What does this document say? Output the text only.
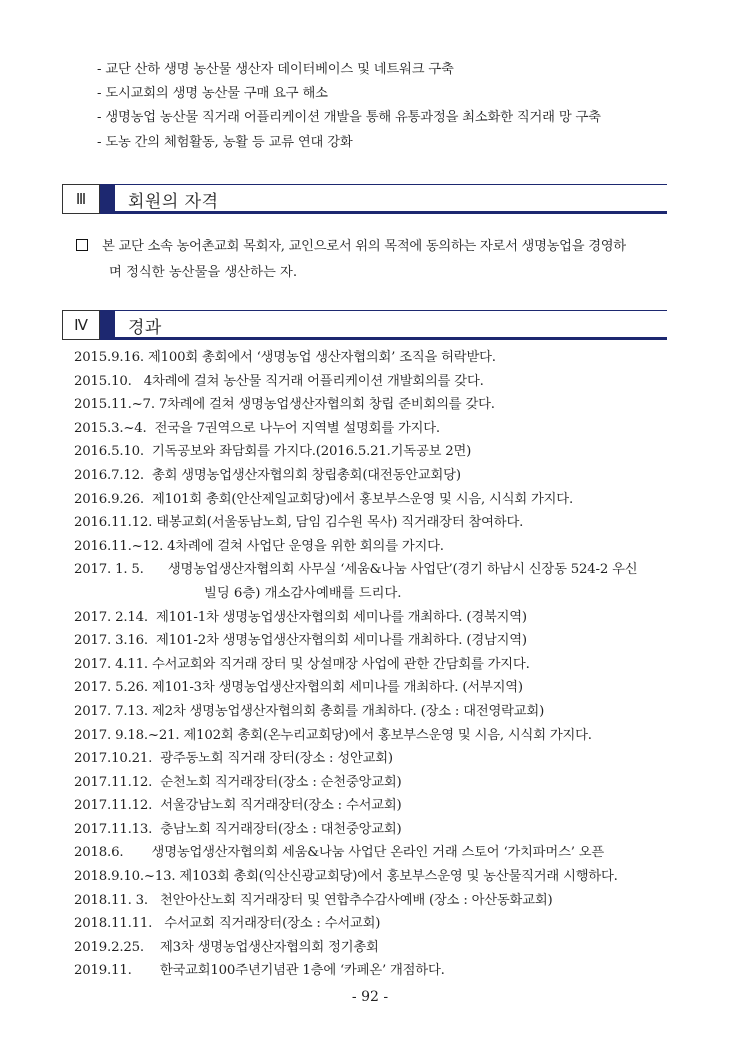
- 교단 산하 생명 농산물 생산자 데이터베이스 및 네트워크 구축
- 도시교회의 생명 농산물 구매 요구 해소
- 생명농업 농산물 직거래 어플리케이션 개발을 통해 유통과정을 최소화한 직거래 망 구축
- 도농 간의 체험활동, 농활 등 교류 연대 강화
Ⅲ	회원의 자격
본 교단 소속 농어촌교회 목회자, 교인으로서 위의 목적에 동의하는 자로서 생명농업을 경영하
며 정식한 농산물을 생산하는 자.
Ⅳ	경과
2015.9.16. 제100회 총회에서 ‘생명농업 생산자협의회’ 조직을 허락받다.
2015.10. 4차례에 걸쳐 농산물 직거래 어플리케이션 개발회의를 갖다.
2015.11.~7. 7차례에 걸쳐 생명농업생산자협의회 창립 준비회의를 갖다.
2015.3.~4. 전국을 7권역으로 나누어 지역별 설명회를 가지다.
2016.5.10. 기독공보와 좌담회를 가지다.(2016.5.21.기독공보 2면)
2016.7.12. 총회 생명농업생산자협의회 창립총회(대전동안교회당)
2016.9.26. 제101회 총회(안산제일교회당)에서 홍보부스운영 및 시음, 시식회 가지다.
2016.11.12. 태봉교회(서울동남노회, 담임 김수원 목사) 직거래장터 참여하다.
2016.11.~12. 4차례에 걸쳐 사업단 운영을 위한 회의를 가지다.
2017. 1. 5. 생명농업생산자협의회 사무실 ‘세움&나눔 사업단’(경기 하남시 신장동 524-2 우신
빌딩 6층) 개소감사예배를 드리다.
2017. 2.14. 제101-1차 생명농업생산자협의회 세미나를 개최하다. (경북지역)
2017. 3.16. 제101-2차 생명농업생산자협의회 세미나를 개최하다. (경남지역)
2017. 4.11. 수서교회와 직거래 장터 및 상설매장 사업에 관한 간담회를 가지다.
2017. 5.26. 제101-3차 생명농업생산자협의회 세미나를 개최하다. (서부지역)
2017. 7.13. 제2차 생명농업생산자협의회 총회를 개최하다. (장소 : 대전영락교회)
2017. 9.18.~21. 제102회 총회(온누리교회당)에서 홍보부스운영 및 시음, 시식회 가지다.
2017.10.21. 광주동노회 직거래 장터(장소 : 성안교회)
2017.11.12. 순천노회 직거래장터(장소 : 순천중앙교회)
2017.11.12. 서울강남노회 직거래장터(장소 : 수서교회)
2017.11.13. 충남노회 직거래장터(장소 : 대천중앙교회)
2018.6. 생명농업생산자협의회 세움&나눔 사업단 온라인 거래 스토어 ‘가치파머스’ 오픈
2018.9.10.~13. 제103회 총회(익산신광교회당)에서 홍보부스운영 및 농산물직거래 시행하다.
2018.11. 3. 천안아산노회 직거래장터 및 연합추수감사예배 (장소 : 아산동화교회)
2018.11.11. 수서교회 직거래장터(장소 : 수서교회)
2019.2.25. 제3차 생명농업생산자협의회 정기총회
2019.11. 한국교회100주년기념관 1층에 ‘카페온’ 개점하다.
- 92 -
